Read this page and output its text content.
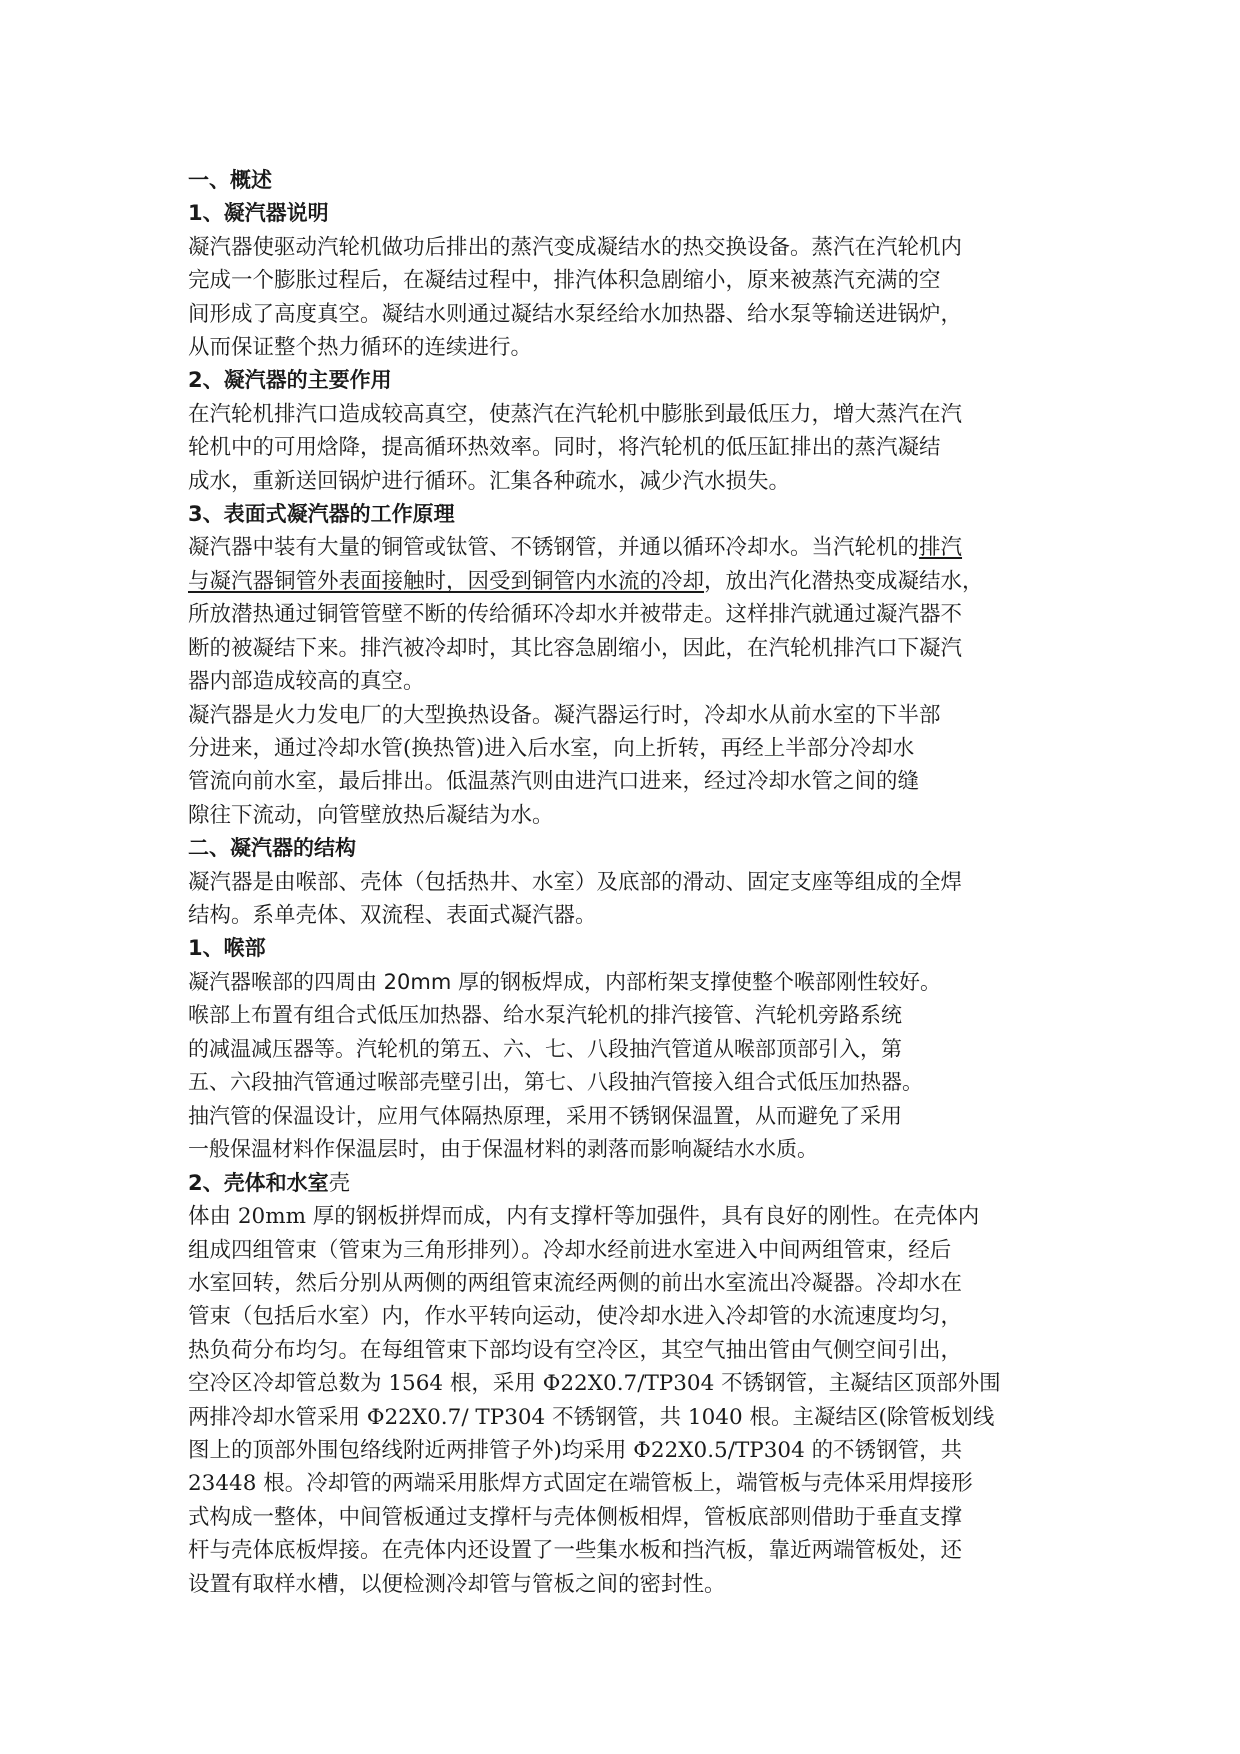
一、概述
1、凝汽器说明
凝汽器使驱动汽轮机做功后排出的蒸汽变成凝结水的热交换设备。蒸汽在汽轮机内
完成一个膨胀过程后，在凝结过程中，排汽体积急剧缩小，原来被蒸汽充满的空
间形成了高度真空。凝结水则通过凝结水泵经给水加热器、给水泵等输送进锅炉，
从而保证整个热力循环的连续进行。
2、凝汽器的主要作用
在汽轮机排汽口造成较高真空，使蒸汽在汽轮机中膨胀到最低压力，增大蒸汽在汽
轮机中的可用焓降，提高循环热效率。同时，将汽轮机的低压缸排出的蒸汽凝结
成水，重新送回锅炉进行循环。汇集各种疏水，减少汽水损失。
3、表面式凝汽器的工作原理
凝汽器中装有大量的铜管或钛管、不锈钢管，并通以循环冷却水。当汽轮机的排汽
与凝汽器铜管外表面接触时，因受到铜管内水流的冷却，放出汽化潜热变成凝结水，
所放潜热通过铜管管壁不断的传给循环冷却水并被带走。这样排汽就通过凝汽器不
断的被凝结下来。排汽被冷却时，其比容急剧缩小，因此，在汽轮机排汽口下凝汽
器内部造成较高的真空。
凝汽器是火力发电厂的大型换热设备。凝汽器运行时，冷却水从前水室的下半部
分进来，通过冷却水管(换热管)进入后水室，向上折转，再经上半部分冷却水
管流向前水室，最后排出。低温蒸汽则由进汽口进来，经过冷却水管之间的缝
隙往下流动，向管壁放热后凝结为水。
二、凝汽器的结构
凝汽器是由喉部、壳体（包括热井、水室）及底部的滑动、固定支座等组成的全焊
结构。系单壳体、双流程、表面式凝汽器。
1、喉部
凝汽器喉部的四周由 20mm 厚的钢板焊成，内部桁架支撑使整个喉部刚性较好。
喉部上布置有组合式低压加热器、给水泵汽轮机的排汽接管、汽轮机旁路系统
的减温减压器等。汽轮机的第五、六、七、八段抽汽管道从喉部顶部引入，第
五、六段抽汽管通过喉部壳壁引出，第七、八段抽汽管接入组合式低压加热器。
抽汽管的保温设计，应用气体隔热原理，采用不锈钢保温置，从而避免了采用
一般保温材料作保温层时，由于保温材料的剥落而影响凝结水水质。
2、壳体和水室壳
体由 20mm 厚的钢板拼焊而成，内有支撑杆等加强件，具有良好的刚性。在壳体内
组成四组管束（管束为三角形排列）。冷却水经前进水室进入中间两组管束，经后
水室回转，然后分别从两侧的两组管束流经两侧的前出水室流出冷凝器。冷却水在
管束（包括后水室）内，作水平转向运动，使冷却水进入冷却管的水流速度均匀，
热负荷分布均匀。在每组管束下部均设有空冷区，其空气抽出管由气侧空间引出，
空冷区冷却管总数为 1564 根，采用 Φ22X0.7/TP304 不锈钢管，主凝结区顶部外围
两排冷却水管采用 Φ22X0.7/ TP304 不锈钢管，共 1040 根。主凝结区(除管板划线
图上的顶部外围包络线附近两排管子外)均采用 Φ22X0.5/TP304 的不锈钢管，共
23448 根。冷却管的两端采用胀焊方式固定在端管板上，端管板与壳体采用焊接形
式构成一整体，中间管板通过支撑杆与壳体侧板相焊，管板底部则借助于垂直支撑
杆与壳体底板焊接。在壳体内还设置了一些集水板和挡汽板，靠近两端管板处，还
设置有取样水槽，以便检测冷却管与管板之间的密封性。
